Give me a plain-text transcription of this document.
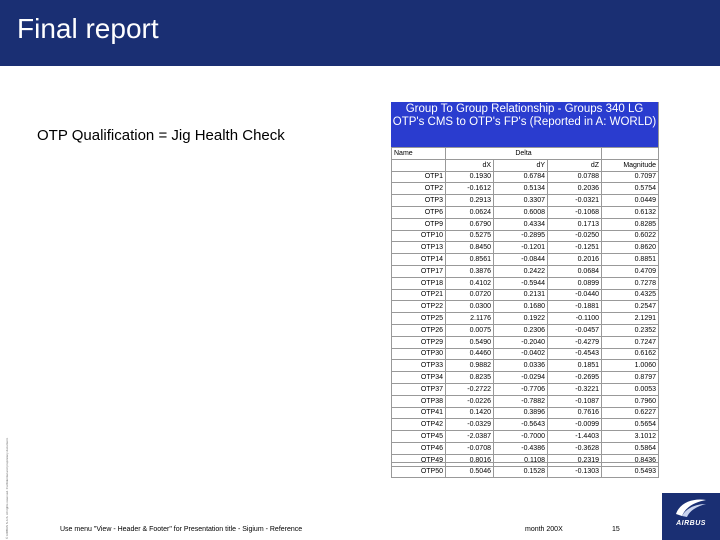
Final report
OTP Qualification = Jig Health Check
© AIRBUS S.A.S. All rights reserved. Confidential and proprietary document.
Group To Group Relationship - Groups 340 LG OTP's CMS to OTP's FP's (Reported in A: WORLD)
Name	Delta			
	dX	dY	dZ	Magnitude
OTP1	0.1930	0.6784	0.0788	0.7097
OTP2	-0.1612	0.5134	0.2036	0.5754
OTP3	0.2913	0.3307	-0.0321	0.0449
OTP6	0.0624	0.6008	-0.1068	0.6132
OTP9	0.6790	0.4334	0.1713	0.8285
OTP10	0.5275	-0.2895	-0.0250	0.6022
OTP13	0.8450	-0.1201	-0.1251	0.8620
OTP14	0.8561	-0.0844	0.2016	0.8851
OTP17	0.3876	0.2422	0.0684	0.4709
OTP18	0.4102	-0.5944	0.0899	0.7278
OTP21	0.0720	0.2131	-0.0440	0.4325
OTP22	0.0300	0.1680	-0.1881	0.2547
OTP25	2.1176	0.1922	-0.1100	2.1291
OTP26	0.0075	0.2306	-0.0457	0.2352
OTP29	0.5490	-0.2040	-0.4279	0.7247
OTP30	0.4460	-0.0402	-0.4543	0.6162
OTP33	0.9882	0.0336	0.1851	1.0060
OTP34	0.8235	-0.0294	-0.2695	0.8797
OTP37	-0.2722	-0.7706	-0.3221	0.0053
OTP38	-0.0226	-0.7882	-0.1087	0.7960
OTP41	0.1420	0.3896	0.7616	0.6227
OTP42	-0.0329	-0.5643	-0.0099	0.5654
OTP45	-2.0387	-0.7000	-1.4403	3.1012
OTP46	-0.0708	-0.4386	-0.3628	0.5864
OTP49	0.8016	0.1108	0.2319	0.8436
OTP50	0.5046	0.1528	-0.1303	0.5493
Use menu "View - Header & Footer" for Presentation title - Sigium - Reference	month 200X	15
AIRBUS
